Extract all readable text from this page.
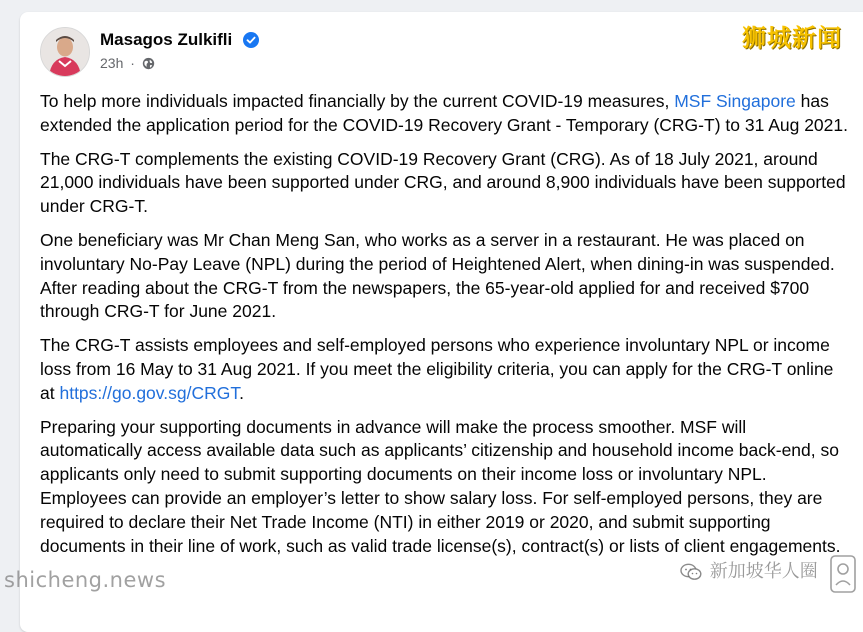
Masagos Zulkifli
23h ·

To help more individuals impacted financially by the current COVID-19 measures, MSF Singapore has extended the application period for the COVID-19 Recovery Grant - Temporary (CRG-T) to 31 Aug 2021.

The CRG-T complements the existing COVID-19 Recovery Grant (CRG). As of 18 July 2021, around 21,000 individuals have been supported under CRG, and around 8,900 individuals have been supported under CRG-T.

One beneficiary was Mr Chan Meng San, who works as a server in a restaurant. He was placed on involuntary No-Pay Leave (NPL) during the period of Heightened Alert, when dining-in was suspended. After reading about the CRG-T from the newspapers, the 65-year-old applied for and received $700 through CRG-T for June 2021.

The CRG-T assists employees and self-employed persons who experience involuntary NPL or income loss from 16 May to 31 Aug 2021. If you meet the eligibility criteria, you can apply for the CRG-T online at https://go.gov.sg/CRGT.

Preparing your supporting documents in advance will make the process smoother. MSF will automatically access available data such as applicants’ citizenship and household income back-end, so applicants only need to submit supporting documents on their income loss or involuntary NPL. Employees can provide an employer’s letter to show salary loss. For self-employed persons, they are required to declare their Net Trade Income (NTI) in either 2019 or 2020, and submit supporting documents in their line of work, such as valid trade license(s), contract(s) or lists of client engagements.

狮城新闻
shicheng.news	新加坡华人圈
